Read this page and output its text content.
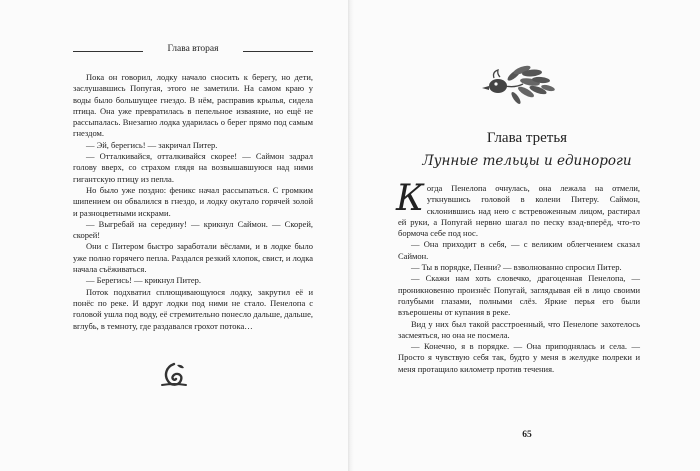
Глава вторая

Пока он говорил, лодку начало сносить к берегу, но дети, заслушавшись Попугая, этого не заметили. На самом краю у воды было большущее гнездо. В нём, расправив крылья, сидела птица. Она уже превратилась в пепельное изваяние, но ещё не рассыпалась. Внезапно лодка ударилась о берег прямо под самым гнездом.

— Эй, берегись! — закричал Питер.

— Отталкивайся, отталкивайся скорее! — Саймон задрал голову вверх, со страхом глядя на возвышавшуюся над ними гигантскую птицу из пепла.

Но было уже поздно: феникс начал рассыпаться. С громким шипением он обвалился в гнездо, и лодку окутало горячей золой и разноцветными искрами.

— Выгребай на середину! — крикнул Саймон. — Скорей, скорей!

Они с Питером быстро заработали вёслами, и в лодке было уже полно горячего пепла. Раздался резкий хлопок, свист, и лодка начала съёживаться.

— Берегись! — крикнул Питер.

Поток подхватил сплющивающуюся лодку, закрутил её и понёс по реке. И вдруг лодки под ними не стало. Пенелопа с головой ушла под воду, её стремительно понесло дальше, дальше, вглубь, в темноту, где раздавался грохот потока…

Глава третья
Лунные тельцы и единороги

Когда Пенелопа очнулась, она лежала на отмели, уткнувшись головой в колени Питеру. Саймон, склонившись над нею с встревоженным лицом, растирал ей руки, а Попугай нервно шагал по песку взад-вперёд, что-то бормоча себе под нос.

— Она приходит в себя, — с великим облегчением сказал Саймон.

— Ты в порядке, Пенни? — взволнованно спросил Питер.

— Скажи нам хоть словечко, драгоценная Пенелопа, — проникновенно произнёс Попугай, заглядывая ей в лицо своими голубыми глазами, полными слёз. Яркие перья его были взъерошены от купания в реке.

Вид у них был такой расстроенный, что Пенелопе захотелось засмеяться, но она не посмела.

— Конечно, я в порядке. — Она приподнялась и села. — Просто я чувствую себя так, будто у меня в желудке полреки и меня протащило километр против течения.

65
